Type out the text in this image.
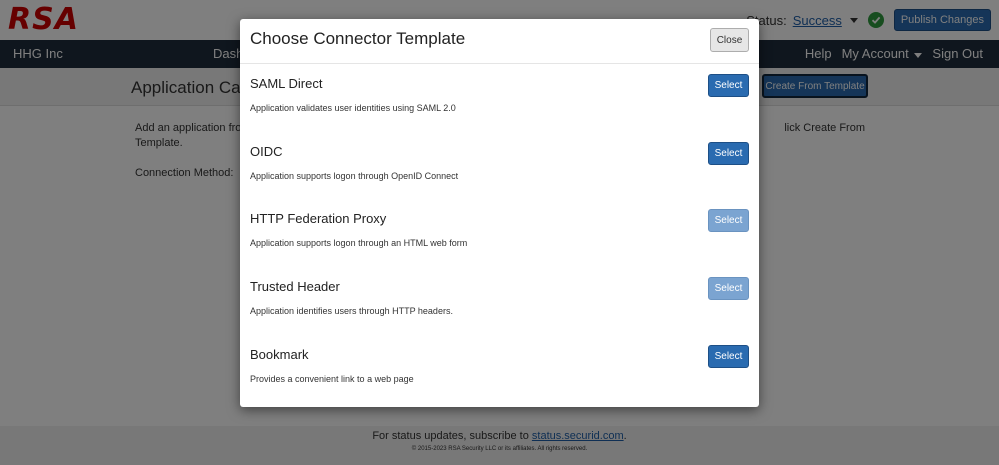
Choose Connector Template	Close
SAML Direct
Application validates user identities using SAML 2.0
Select
OIDC
Application supports logon through OpenID Connect
Select
HTTP Federation Proxy
Application supports logon through an HTML web form
Select
Trusted Header
Application identifies users through HTTP headers.
Select
Bookmark
Provides a convenient link to a web page
Select
